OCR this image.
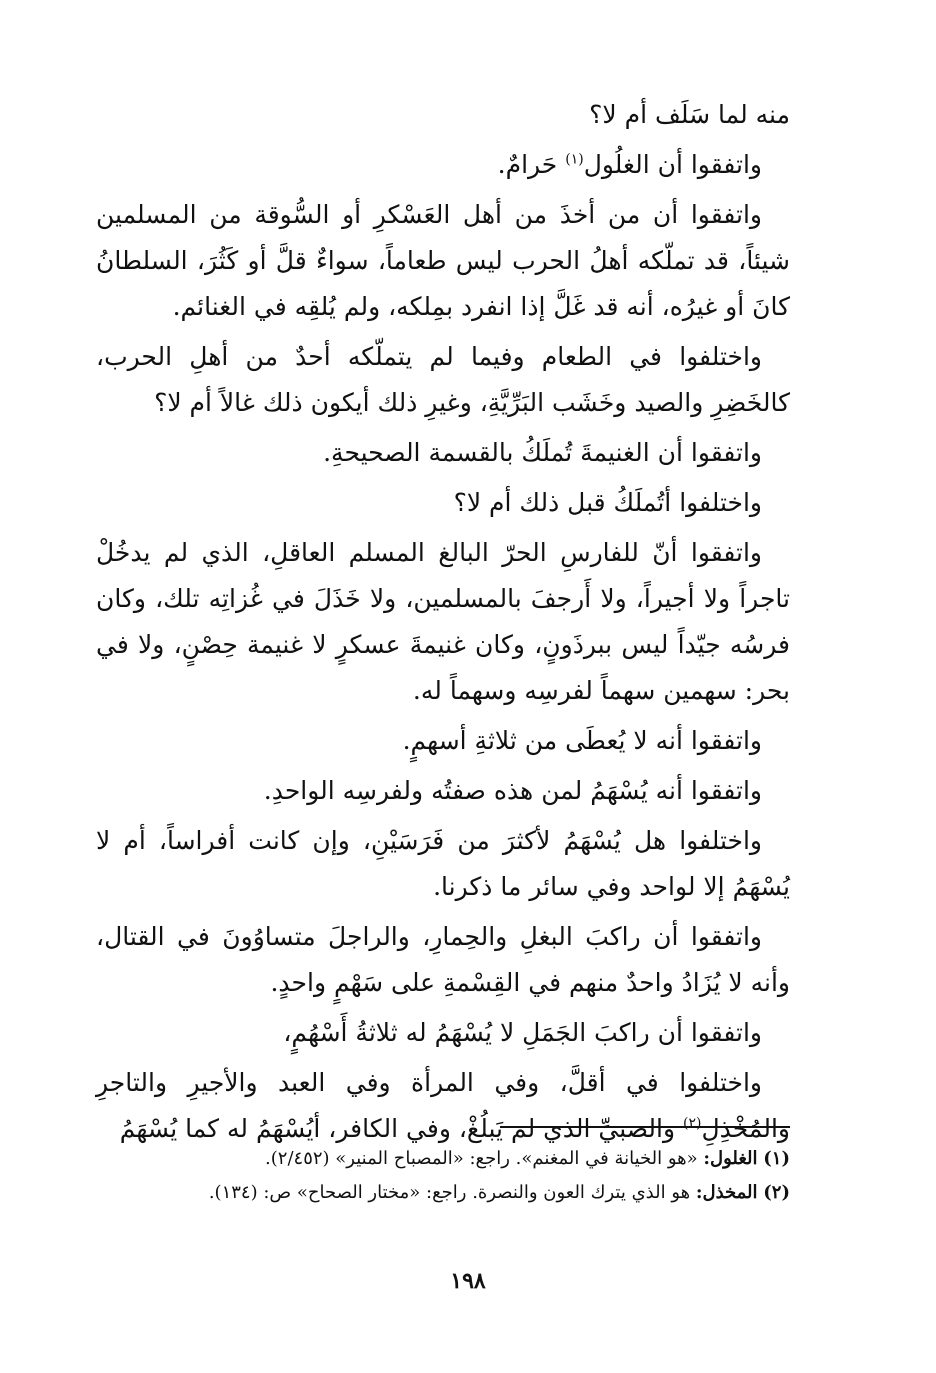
منه لما سَلَف أم لا؟

واتفقوا أن الغلُول$^{(١)}$ حَرامٌ.

واتفقوا أن من أخذَ من أهل العَسْكرِ أو السُّوقة من المسلمين شيئاً، قد تملّكه أهلُ الحرب ليس طعاماً، سواءٌ قلَّ أو كَثُرَ، السلطانُ كانَ أو غيرُه، أنه قد غَلَّ إذا انفرد بمِلكه، ولم يُلقِه في الغنائم.

واختلفوا في الطعام وفيما لم يتملّكه أحدٌ من أهلِ الحرب، كالخَضِرِ والصيد وخَشَب البَرِّيَّةِ، وغيرِ ذلك أيكون ذلك غالاً أم لا؟

واتفقوا أن الغنيمةَ تُملَكُ بالقسمة الصحيحةِ.

واختلفوا أتُملَكُ قبل ذلك أم لا؟

واتفقوا أنّ للفارسِ الحرّ البالغ المسلم العاقلِ، الذي لم يدخُلْ تاجراً ولا أجيراً، ولا أَرجفَ بالمسلمين، ولا خَذَلَ في غُزاتِه تلك، وكان فرسُه جيّداً ليس ببرذَونٍ، وكان غنيمةَ عسكرٍ لا غنيمة حِصْنٍ، ولا في بحر: سهمين سهماً لفرسِه وسهماً له.

واتفقوا أنه لا يُعطَى من ثلاثةِ أسهمٍ.

واتفقوا أنه يُسْهَمُ لمن هذه صفتُه ولفرسِه الواحدِ.

واختلفوا هل يُسْهَمُ لأكثرَ من فَرَسَيْنِ، وإن كانت أفراساً، أم لا يُسْهَمُ إلا لواحد وفي سائر ما ذكرنا.

واتفقوا أن راكبَ البغلِ والحِمارِ، والراجلَ متساوُونَ في القتال، وأنه لا يُزَادُ واحدٌ منهم في القِسْمةِ على سَهْمٍ واحدٍ.

واتفقوا أن راكبَ الجَمَلِ لا يُسْهَمُ له ثلاثةُ أَسْهُمٍ،

واختلفوا في أقلَّ، وفي المرأة وفي العبد والأجيرِ والتاجرِ والمُخْذِلِ$^{(٢)}$ والصبيِّ الذي لم يَبلُغْ، وفي الكافر، أيُسْهَمُ له كما يُسْهَمُ

(١) الغلول: «هو الخيانة في المغنم». راجع: «المصباح المنير» (٢/٤٥٢).

(٢) المخذل: هو الذي يترك العون والنصرة. راجع: «مختار الصحاح» ص: (١٣٤).

١٩٨
